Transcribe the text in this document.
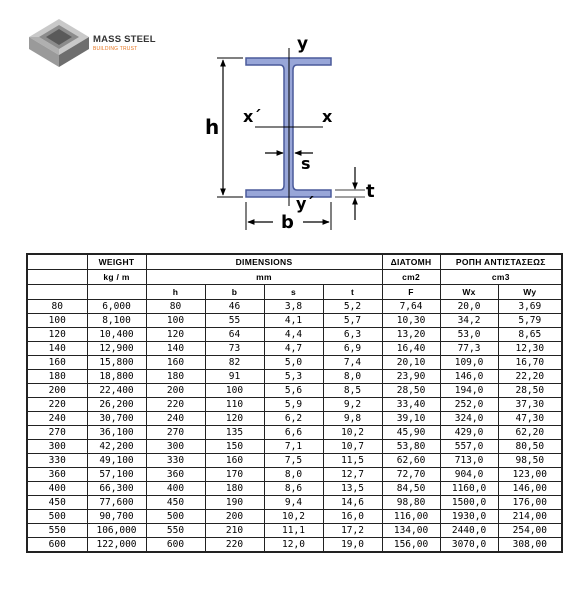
MASS STEEL
BUILDING TRUST	y
h x´	x
s
t
y´
b
	WEIGHT	DIMENSIONS				ΔΙΑΤΟΜΗ	ΡΟΠΗ ΑΝΤΙΣΤΑΣΕΩΣ	
	kg / m	mm				cm2	cm3	
		h	b	s	t	F	Wx	Wy
80	6,000	80	46	3,8	5,2	7,64	20,0	3,69
100	8,100	100	55	4,1	5,7	10,30	34,2	5,79
120	10,400	120	64	4,4	6,3	13,20	53,0	8,65
140	12,900	140	73	4,7	6,9	16,40	77,3	12,30
160	15,800	160	82	5,0	7,4	20,10	109,0	16,70
180	18,800	180	91	5,3	8,0	23,90	146,0	22,20
200	22,400	200	100	5,6	8,5	28,50	194,0	28,50
220	26,200	220	110	5,9	9,2	33,40	252,0	37,30
240	30,700	240	120	6,2	9,8	39,10	324,0	47,30
270	36,100	270	135	6,6	10,2	45,90	429,0	62,20
300	42,200	300	150	7,1	10,7	53,80	557,0	80,50
330	49,100	330	160	7,5	11,5	62,60	713,0	98,50
360	57,100	360	170	8,0	12,7	72,70	904,0	123,00
400	66,300	400	180	8,6	13,5	84,50	1160,0	146,00
450	77,600	450	190	9,4	14,6	98,80	1500,0	176,00
500	90,700	500	200	10,2	16,0	116,00	1930,0	214,00
550	106,000	550	210	11,1	17,2	134,00	2440,0	254,00
600	122,000	600	220	12,0	19,0	156,00	3070,0	308,00
